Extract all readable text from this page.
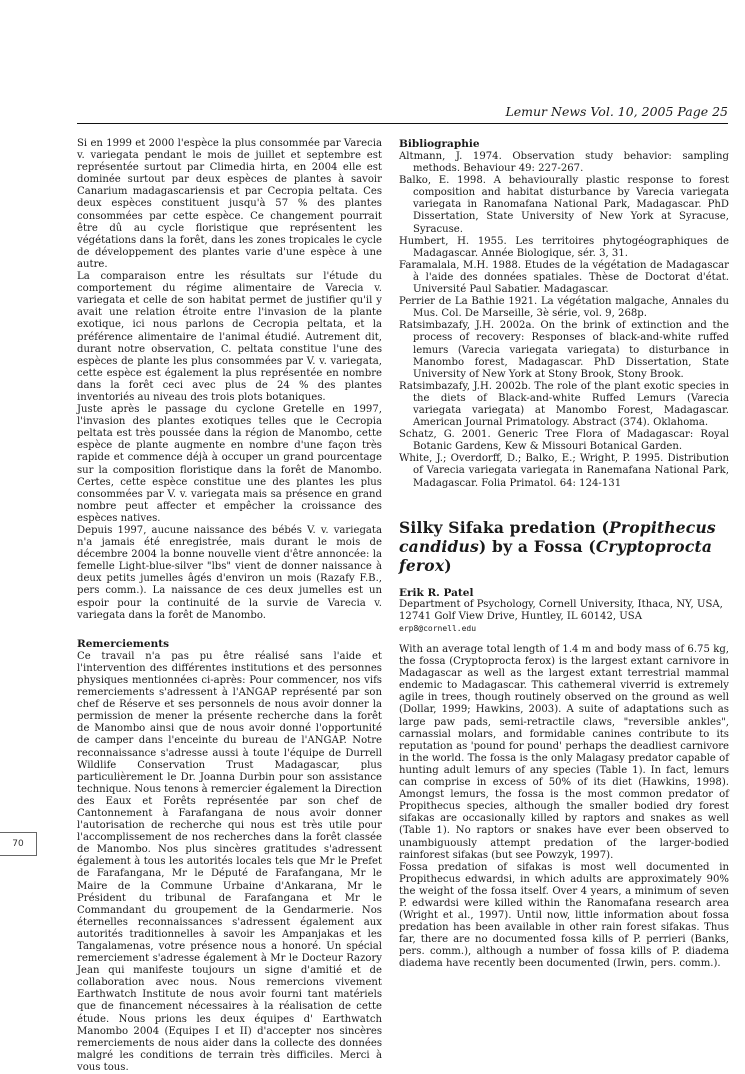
Lemur News Vol. 10, 2005 Page 25

Si en 1999 et 2000 l'espèce la plus consommée par Varecia v. variegata pendant le mois de juillet et septembre est représentée surtout par Climedia hirta, en 2004 elle est dominée surtout par deux espèces de plantes à savoir Canarium madagascariensis et par Cecropia peltata. Ces deux espèces constituent jusqu'à 57 % des plantes consommées par cette espèce. Ce changement pourrait être dû au cycle floristique que représentent les végétations dans la forêt, dans les zones tropicales le cycle de développement des plantes varie d'une espèce à une autre.

La comparaison entre les résultats sur l'étude du comportement du régime alimentaire de Varecia v. variegata et celle de son habitat permet de justifier qu'il y avait une relation étroite entre l'invasion de la plante exotique, ici nous parlons de Cecropia peltata, et la préférence alimentaire de l'animal étudié. Autrement dit, durant notre observation, C. peltata constitue l'une des espèces de plante les plus consommées par V. v. variegata, cette espèce est également la plus représentée en nombre dans la forêt ceci avec plus de 24 % des plantes inventoriés au niveau des trois plots botaniques.

Juste après le passage du cyclone Gretelle en 1997, l'invasion des plantes exotiques telles que le Cecropia peltata est très poussée dans la région de Manombo, cette espèce de plante augmente en nombre d'une façon très rapide et commence déjà à occuper un grand pourcentage sur la composition floristique dans la forêt de Manombo. Certes, cette espèce constitue une des plantes les plus consommées par V. v. variegata mais sa présence en grand nombre peut affecter et empêcher la croissance des espèces natives.

Depuis 1997, aucune naissance des bébés V. v. variegata n'a jamais été enregistrée, mais durant le mois de décembre 2004 la bonne nouvelle vient d'être annoncée: la femelle Light-blue-silver "lbs" vient de donner naissance à deux petits jumelles âgés d'environ un mois (Razafy F.B., pers comm.). La naissance de ces deux jumelles est un espoir pour la continuité de la survie de Varecia v. variegata dans la forêt de Manombo.

Remerciements

Ce travail n'a pas pu être réalisé sans l'aide et l'intervention des différentes institutions et des personnes physiques mentionnées ci-après: Pour commencer, nos vifs remerciements s'adressent à l'ANGAP représenté par son chef de Réserve et ses personnels de nous avoir donner la permission de mener la présente recherche dans la forêt de Manombo ainsi que de nous avoir donné l'opportunité de camper dans l'enceinte du bureau de l'ANGAP. Notre reconnaissance s'adresse aussi à toute l'équipe de Durrell Wildlife Conservation Trust Madagascar, plus particulièrement le Dr. Joanna Durbin pour son assistance technique. Nous tenons à remercier également la Direction des Eaux et Forêts représentée par son chef de Cantonnement à Farafangana de nous avoir donner l'autorisation de recherche qui nous est très utile pour l'accomplissement de nos recherches dans la forêt classée de Manombo. Nos plus sincères gratitudes s'adressent également à tous les autorités locales tels que Mr le Prefet de Farafangana, Mr le Député de Farafangana, Mr le Maire de la Commune Urbaine d'Ankarana, Mr le Président du tribunal de Farafangana et Mr le Commandant du groupement de la Gendarmerie. Nos éternelles reconnaissances s'adressent également aux autorités traditionnelles à savoir les Ampanjakas et les Tangalamenas, votre présence nous a honoré. Un spécial remerciement s'adresse également à Mr le Docteur Razory Jean qui manifeste toujours un signe d'amitié et de collaboration avec nous. Nous remercions vivement Earthwatch Institute de nous avoir fourni tant matériels que de financement nécessaires à la réalisation de cette étude. Nous prions les deux équipes d' Earthwatch Manombo 2004 (Equipes I et II) d'accepter nos sincères remerciements de nous aider dans la collecte des données malgré les conditions de terrain très difficiles. Merci à vous tous.

Bibliographie

Altmann, J. 1974. Observation study behavior: sampling methods. Behaviour 49: 227-267.

Balko, E. 1998. A behaviourally plastic response to forest composition and habitat disturbance by Varecia variegata variegata in Ranomafana National Park, Madagascar. PhD Dissertation, State University of New York at Syracuse, Syracuse.

Humbert, H. 1955. Les territoires phytogéographiques de Madagascar. Année Biologique, sér. 3, 31.

Faramalala, M.H. 1988. Etudes de la végétation de Madagascar à l'aide des données spatiales. Thèse de Doctorat d'état. Université Paul Sabatier. Madagascar.

Perrier de La Bathie 1921. La végétation malgache, Annales du Mus. Col. De Marseille, 3è série, vol. 9, 268p.

Ratsimbazafy, J.H. 2002a. On the brink of extinction and the process of recovery: Responses of black-and-white ruffed lemurs (Varecia variegata variegata) to disturbance in Manombo forest, Madagascar. PhD Dissertation, State University of New York at Stony Brook, Stony Brook.

Ratsimbazafy, J.H. 2002b. The role of the plant exotic species in the diets of Black-and-white Ruffed Lemurs (Varecia variegata variegata) at Manombo Forest, Madagascar. American Journal Primatology. Abstract (374). Oklahoma.

Schatz, G. 2001. Generic Tree Flora of Madagascar: Royal Botanic Gardens, Kew & Missouri Botanical Garden.

White, J.; Overdorff, D.; Balko, E.; Wright, P. 1995. Distribution of Varecia variegata variegata in Ranemafana National Park, Madagascar. Folia Primatol. 64: 124-131

Silky Sifaka predation (Propithecus candidus) by a Fossa (Cryptoprocta ferox)
Erik R. Patel

Department of Psychology, Cornell University, Ithaca, NY, USA, 12741 Golf View Drive, Huntley, IL 60142, USA

erp8@cornell.edu

With an average total length of 1.4 m and body mass of 6.75 kg, the fossa (Cryptoprocta ferox) is the largest extant carnivore in Madagascar as well as the largest extant terrestrial mammal endemic to Madagascar. This cathemeral viverrid is extremely agile in trees, though routinely observed on the ground as well (Dollar, 1999; Hawkins, 2003). A suite of adaptations such as large paw pads, semi-retractile claws, "reversible ankles", carnassial molars, and formidable canines contribute to its reputation as 'pound for pound' perhaps the deadliest carnivore in the world. The fossa is the only Malagasy predator capable of hunting adult lemurs of any species (Table 1). In fact, lemurs can comprise in excess of 50% of its diet (Hawkins, 1998). Amongst lemurs, the fossa is the most common predator of Propithecus species, although the smaller bodied dry forest sifakas are occasionally killed by raptors and snakes as well (Table 1). No raptors or snakes have ever been observed to unambiguously attempt predation of the larger-bodied rainforest sifakas (but see Powzyk, 1997).

Fossa predation of sifakas is most well documented in Propithecus edwardsi, in which adults are approximately 90% the weight of the fossa itself. Over 4 years, a minimum of seven P. edwardsi were killed within the Ranomafana research area (Wright et al., 1997). Until now, little information about fossa predation has been available in other rain forest sifakas. Thus far, there are no documented fossa kills of P. perrieri (Banks, pers. comm.), although a number of fossa kills of P. diadema diadema have recently been documented (Irwin, pers. comm.).

70
